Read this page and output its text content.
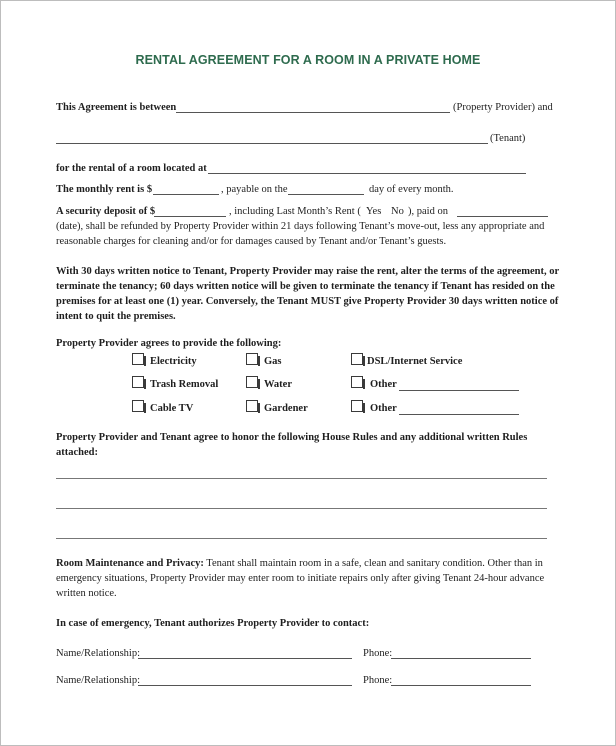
RENTAL AGREEMENT FOR A ROOM IN A PRIVATE HOME
This Agreement is between	(Property Provider) and
(Tenant)
for the rental of a room located at
The monthly rent is $	, payable on the	day of every month.
A security deposit of $	, including Last Month’s Rent ( Yes No ), paid on
(date), shall be refunded by Property Provider within 21 days following Tenant’s move-out, less any appropriate and
reasonable charges for cleaning and/or for damages caused by Tenant and/or Tenant’s guests.
With 30 days written notice to Tenant, Property Provider may raise the rent, alter the terms of the agreement, or
terminate the tenancy; 60 days written notice will be given to terminate the tenancy if Tenant has resided on the
premises for at least one (1) year. Conversely, the Tenant MUST give Property Provider 30 days written notice of
intent to quit the premises.
Property Provider agrees to provide the following:
Electricity	Gas	DSL/Internet Service
Trash Removal	Water	Other
Cable TV	Gardener	Other
Property Provider and Tenant agree to honor the following House Rules and any additional written Rules
attached:
Room Maintenance and Privacy: Tenant shall maintain room in a safe, clean and sanitary condition. Other than in
emergency situations, Property Provider may enter room to initiate repairs only after giving Tenant 24-hour advance
written notice.
In case of emergency, Tenant authorizes Property Provider to contact:
Name/Relationship:	Phone:
Name/Relationship:	Phone:
